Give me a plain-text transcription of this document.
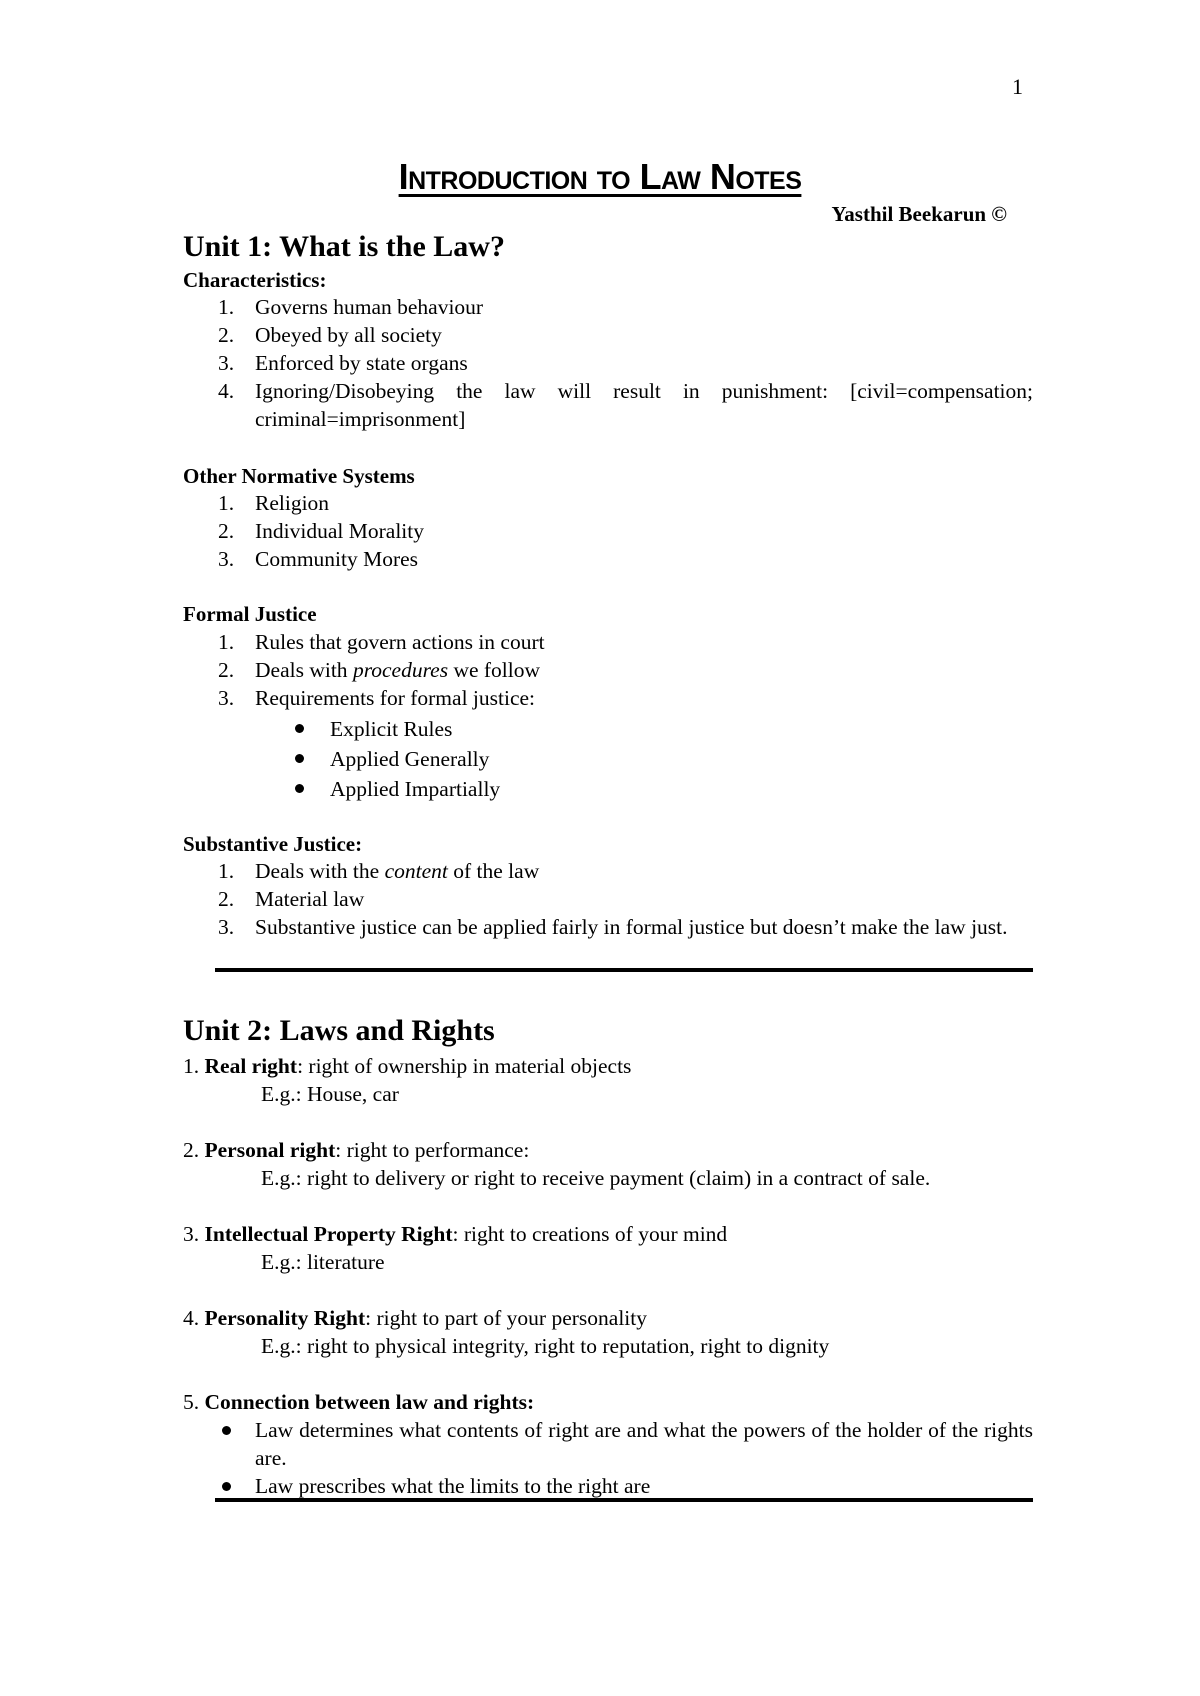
1
Introduction to Law Notes
Yasthil Beekarun ©
Unit 1: What is the Law?
Characteristics:
1. Governs human behaviour
2. Obeyed by all society
3. Enforced by state organs
4. Ignoring/Disobeying the law will result in punishment: [civil=compensation; criminal=imprisonment]
Other Normative Systems
1. Religion
2. Individual Morality
3. Community Mores
Formal Justice
1. Rules that govern actions in court
2. Deals with procedures we follow
3. Requirements for formal justice:
Explicit Rules
Applied Generally
Applied Impartially
Substantive Justice:
1. Deals with the content of the law
2. Material law
3. Substantive justice can be applied fairly in formal justice but doesn’t make the law just.
Unit 2: Laws and Rights
1. Real right: right of ownership in material objects
E.g.: House, car
2. Personal right: right to performance:
E.g.: right to delivery or right to receive payment (claim) in a contract of sale.
3. Intellectual Property Right: right to creations of your mind
E.g.: literature
4. Personality Right: right to part of your personality
E.g.: right to physical integrity, right to reputation, right to dignity
5. Connection between law and rights:
Law determines what contents of right are and what the powers of the holder of the rights are.
Law prescribes what the limits to the right are
